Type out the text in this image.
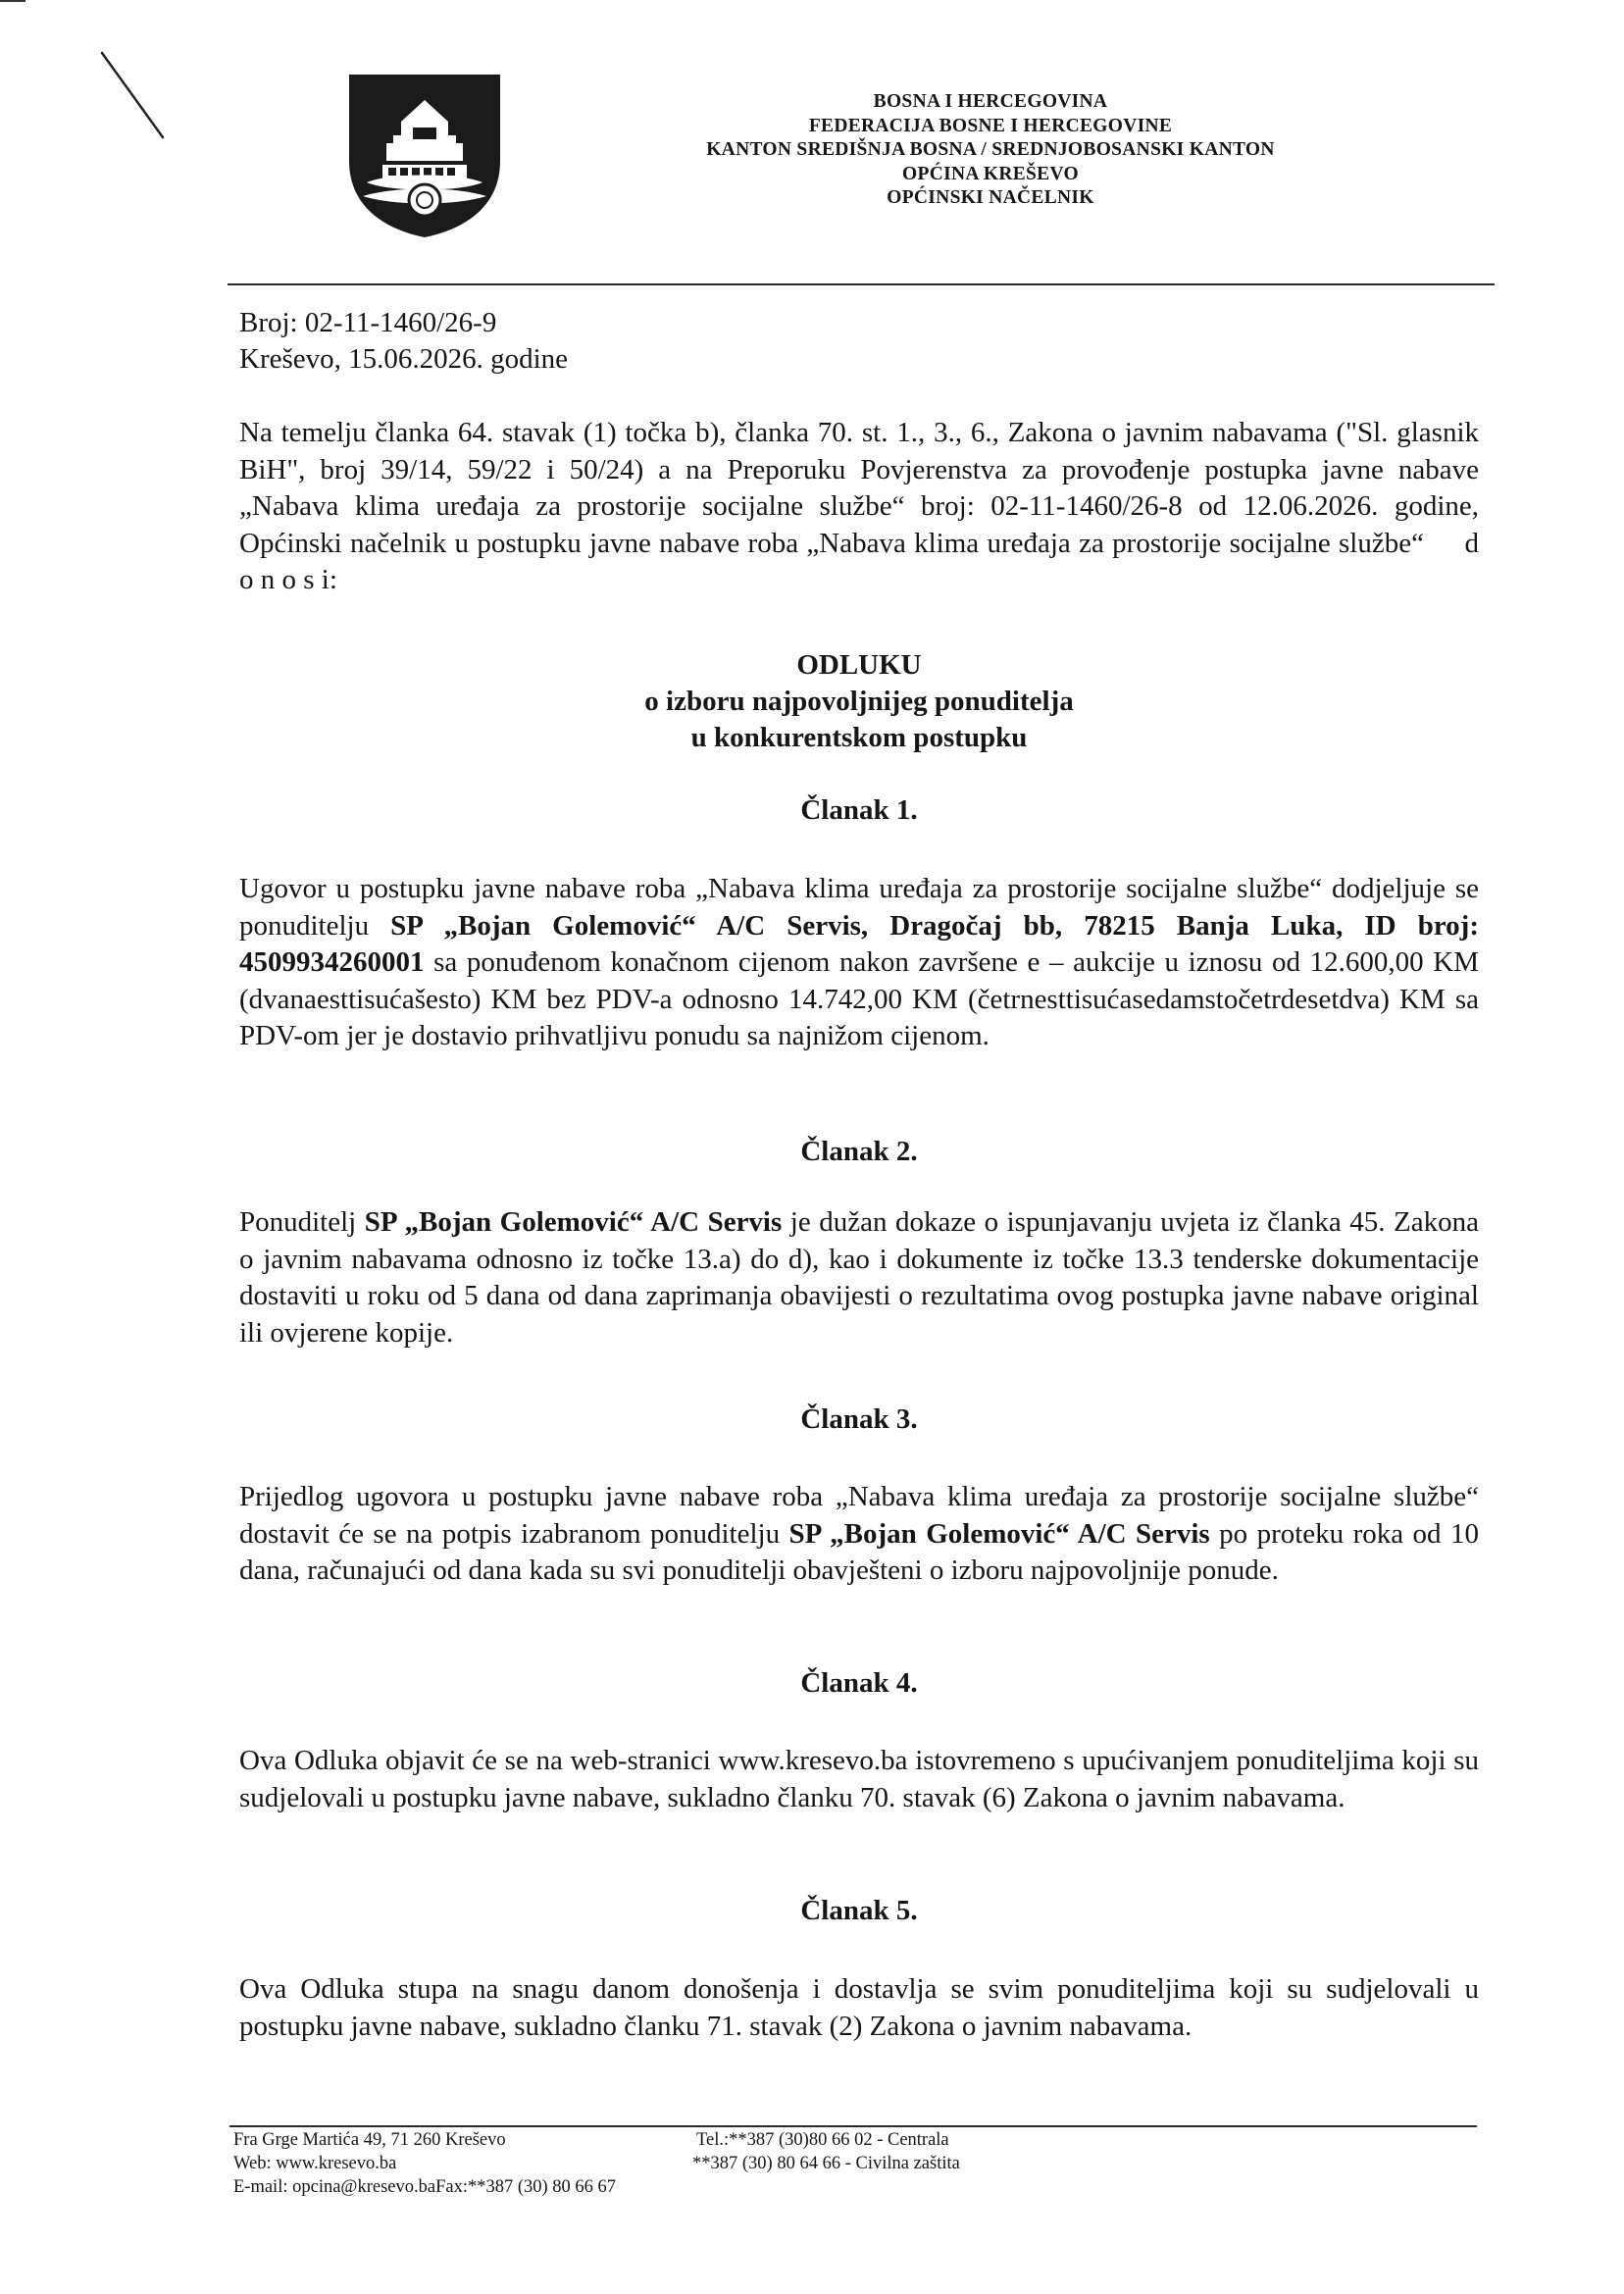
BOSNA I HERCEGOVINA
FEDERACIJA BOSNE I HERCEGOVINE
KANTON SREDIŠNJA BOSNA / SREDNJOBOSANSKI KANTON
OPĆINA KREŠEVO
OPĆINSKI NAČELNIK
Broj: 02-11-1460/26-9
Kreševo, 15.06.2026. godine
Na temelju članka 64. stavak (1) točka b), članka 70. st. 1., 3., 6., Zakona o javnim nabavama ("Sl. glasnik BiH", broj 39/14, 59/22 i 50/24) a na Preporuku Povjerenstva za provođenje postupka javne nabave „Nabava klima uređaja za prostorije socijalne službe“ broj: 02-11-1460/26-8 od 12.06.2026. godine, Općinski načelnik u postupku javne nabave roba „Nabava klima uređaja za prostorije socijalne službe“ d o n o s i:
ODLUKU
o izboru najpovoljnijeg ponuditelja
u konkurentskom postupku
Članak 1.
Ugovor u postupku javne nabave roba „Nabava klima uređaja za prostorije socijalne službe“ dodjeljuje se ponuditelju SP „Bojan Golemović“ A/C Servis, Dragočaj bb, 78215 Banja Luka, ID broj: 4509934260001 sa ponuđenom konačnom cijenom nakon završene e – aukcije u iznosu od 12.600,00 KM (dvanaesttisućašesto) KM bez PDV-a odnosno 14.742,00 KM (četrnesttisućasedamstočetrdesetdva) KM sa PDV-om jer je dostavio prihvatljivu ponudu sa najnižom cijenom.
Članak 2.
Ponuditelj SP „Bojan Golemović“ A/C Servis je dužan dokaze o ispunjavanju uvjeta iz članka 45. Zakona o javnim nabavama odnosno iz točke 13.a) do d), kao i dokumente iz točke 13.3 tenderske dokumentacije dostaviti u roku od 5 dana od dana zaprimanja obavijesti o rezultatima ovog postupka javne nabave original ili ovjerene kopije.
Članak 3.
Prijedlog ugovora u postupku javne nabave roba „Nabava klima uređaja za prostorije socijalne službe“ dostavit će se na potpis izabranom ponuditelju SP „Bojan Golemović“ A/C Servis po proteku roka od 10 dana, računajući od dana kada su svi ponuditelji obavješteni o izboru najpovoljnije ponude.
Članak 4.
Ova Odluka objavit će se na web-stranici www.kresevo.ba istovremeno s upućivanjem ponuditeljima koji su sudjelovali u postupku javne nabave, sukladno članku 70. stavak (6) Zakona o javnim nabavama.
Članak 5.
Ova Odluka stupa na snagu danom donošenja i dostavlja se svim ponuditeljima koji su sudjelovali u postupku javne nabave, sukladno članku 71. stavak (2) Zakona o javnim nabavama.
Fra Grge Martića 49, 71 260 Kreševo
Web: www.kresevo.ba
E-mail: opcina@kresevo.baFax:**387 (30) 80 66 67
Tel.:**387 (30)80 66 02 - Centrala
**387 (30) 80 64 66 - Civilna zaštita
